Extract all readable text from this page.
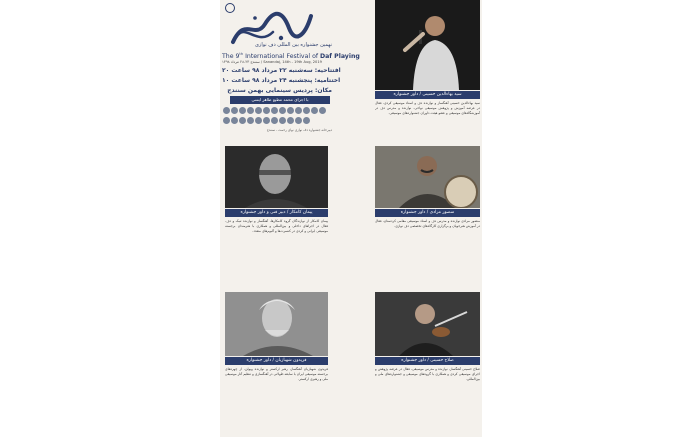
نهمین جشنواره بین المللی دف نوازی
The 9th International Festival of Daf Playing
سنندج ۲۳-۲۸ مرداد ۱۳۹۸ / Sanandaj, 14th - 19th Aug, 2019
افتتاحیه: سه‌شنبه ۲۲ مرداد ۹۸ ساعت ۲۰
اختتامیه: پنجشنبه ۲۴ مرداد ۹۸ ساعت ۱۰
مکان: پردیس سینمایی بهمن سنندج
با اجرای محمد مطیع طاهر ایسی
دبیرخانه جشنواره دف نوازی نوای رحمت - سنندج
سید بهاءالدین حسینی / داور جشنواره
سید بهاءالدین حسینی آهنگساز و نوازنده دف و استاد موسیقی کردی، فعال در عرصه آموزش و پژوهش موسیقی نواحی، نوازنده و مدرس دف در آموزشگاه‌های موسیقی و عضو هیئت داوران جشنواره‌های موسیقی.
پیمان کامکار / دبیر فنی و داور جشنواره
پیمان کامکار از نوازندگان گروه کامکارها، آهنگساز و نوازنده تنبک و دف، فعال در اجراهای داخلی و بین‌المللی و همکاری با هنرمندان برجسته موسیقی ایرانی و کردی در کنسرت‌ها و آلبوم‌های متعدد.
منصور مرادی / داور جشنواره
منصور مرادی نوازنده و مدرس دف و استاد موسیقی مقامی کردستان، فعال در آموزش هنرجویان و برگزاری کارگاه‌های تخصصی دف نوازی.
فریدون شهبازیان / داور جشنواره
فریدون شهبازیان آهنگساز، رهبر ارکستر و نوازنده ویولن، از چهره‌های برجسته موسیقی ایران با سابقه طولانی در آهنگسازی و تنظیم آثار موسیقی ملی و رهبری ارکستر.
صلاح حسینی / داور جشنواره
صلاح حسینی آهنگساز، نوازنده و مدرس موسیقی، فعال در عرصه پژوهش و اجرای موسیقی کردی و همکاری با گروه‌های موسیقی و جشنواره‌های ملی و بین‌المللی.
